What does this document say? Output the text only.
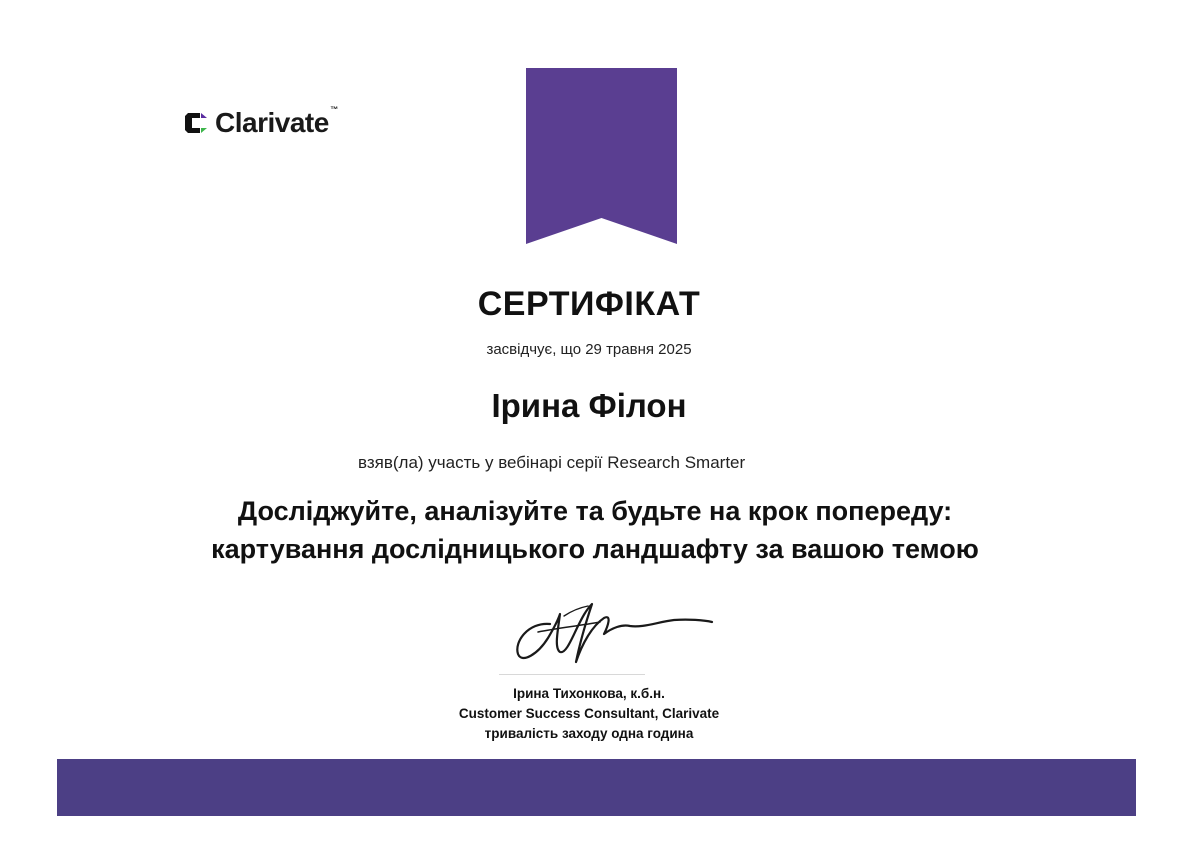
Clarivate ™
СЕРТИФІКАТ

засвідчує, що 29 травня 2025

Ірина Філон

взяв(ла) участь у вебінарі серії Research Smarter

Досліджуйте, аналізуйте та будьте на крок попереду:
картування дослідницького ландшафту за вашою темою

Ірина Тихонкова, к.б.н.

Customer Success Consultant, Clarivate

тривалість заходу одна година
